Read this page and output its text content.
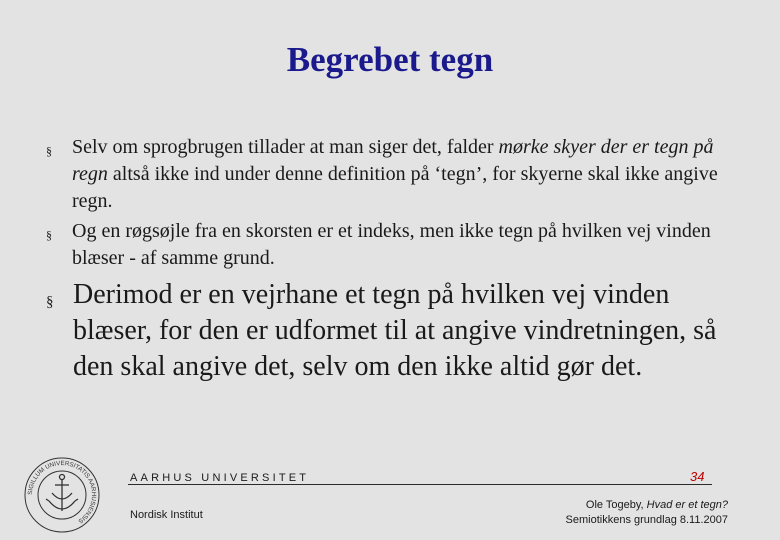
Begrebet tegn
§ Selv om sprogbrugen tillader at man siger det, falder mørke skyer der er tegn på regn altså ikke ind under denne definition på ‘tegn’, for skyerne skal ikke angive regn.
§ Og en røgsøjle fra en skorsten er et indeks, men ikke tegn på hvilken vej vinden blæser - af samme grund.
§ Derimod er en vejrhane et tegn på hvilken vej vinden blæser, for den er udformet til at angive vindretningen, så den skal angive det, selv om den ikke altid gør det.
SIGILLUM UNIVERSITATIS AARHUSIENSIS
AARHUS UNIVERSITET	34
Nordisk Institut
Ole Togeby, Hvad er et tegn?
Semiotikkens grundlag 8.11.2007
